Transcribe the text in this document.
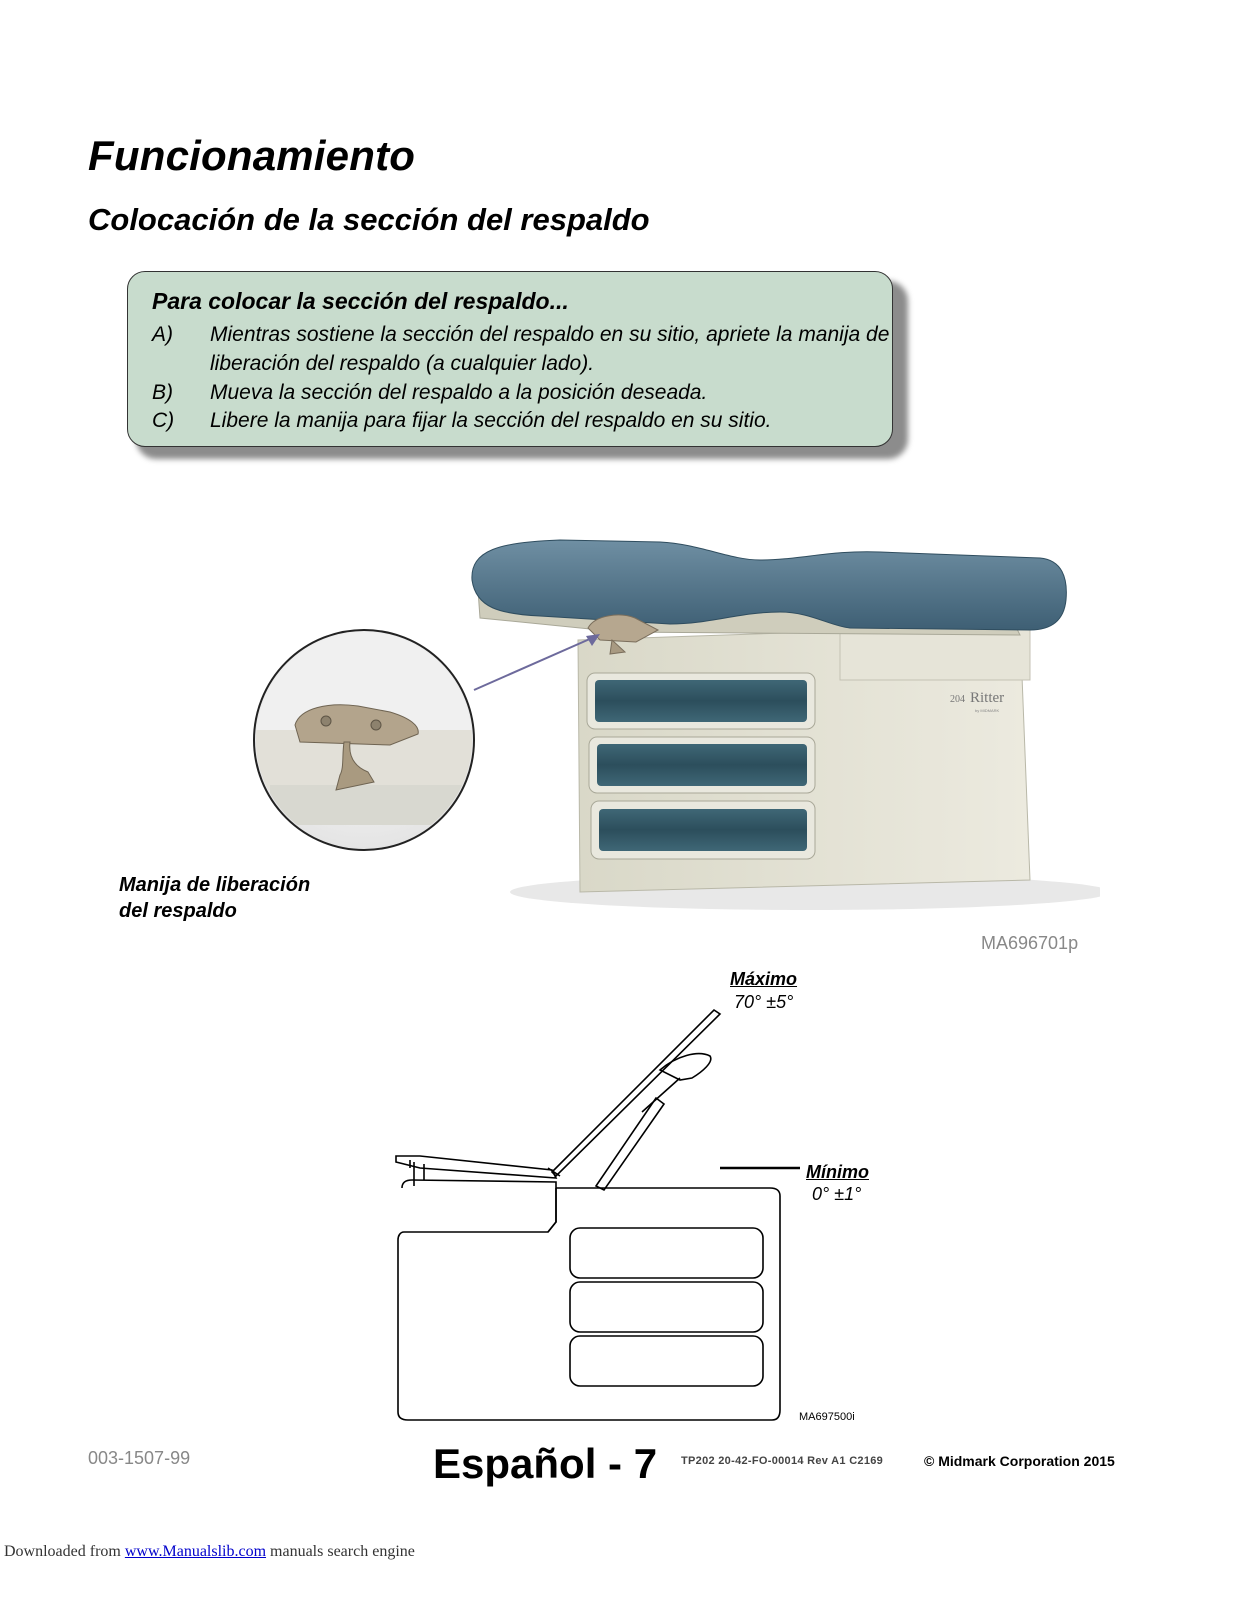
Funcionamiento
Colocación de la sección del respaldo

Para colocar la sección del respaldo...

A)	Mientras sostiene la sección del respaldo en su sitio, apriete la manija de liberación del respaldo (a cualquier lado).
B)	Mueva la sección del respaldo a la posición deseada.
C)	Libere la manija para fijar la sección del respaldo en su sitio.
204 Ritter
by MIDMARK
Manija de liberación
del respaldo
MA696701p
Máximo
70° ±5°
Mínimo
0° ±1°
MA697500i
003-1507-99	Español - 7 TP202 20-42-FO-00014 Rev A1 C2169	© Midmark Corporation 2015
Downloaded from www.Manualslib.com manuals search engine
